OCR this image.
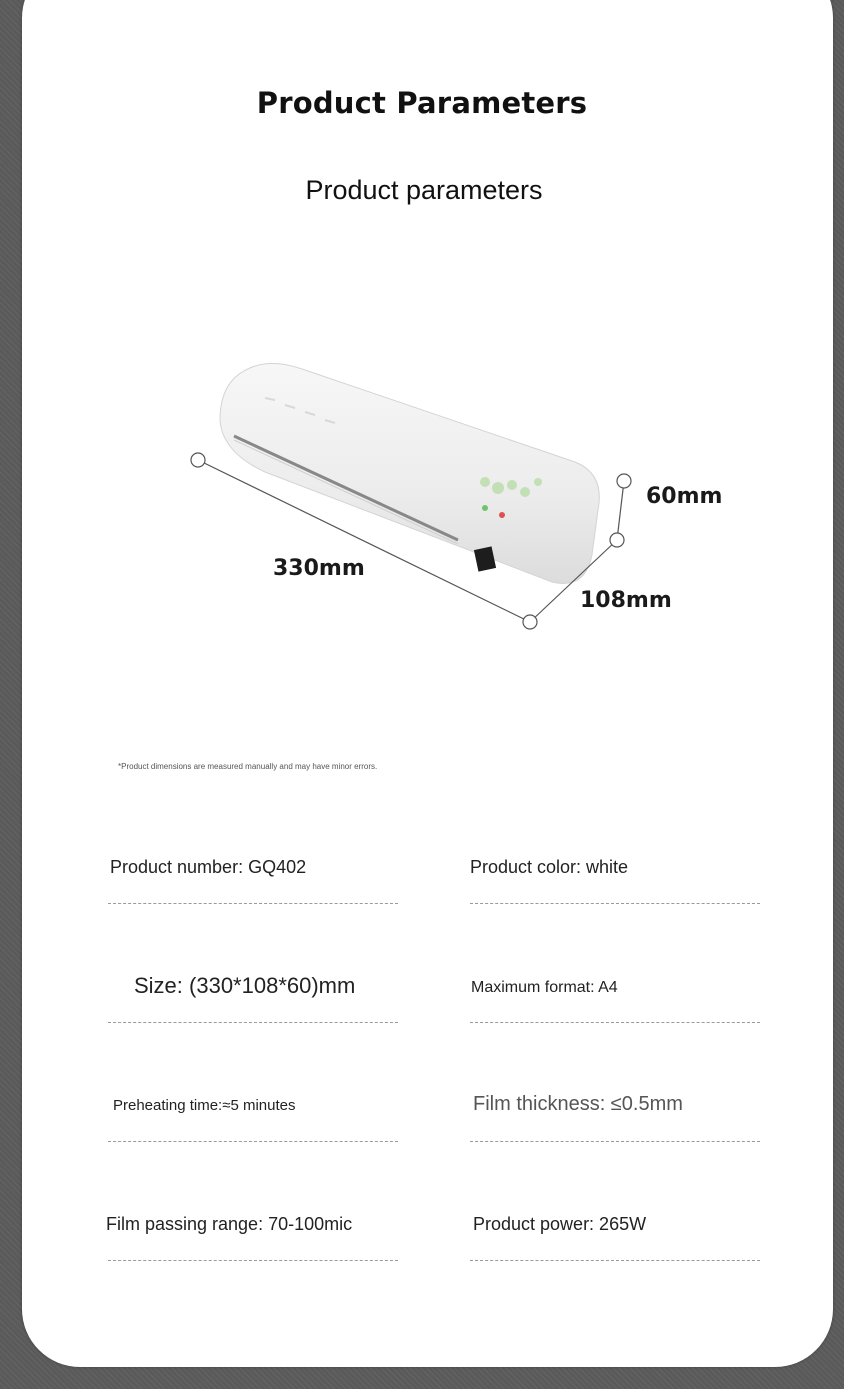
Product Parameters
Product parameters
330mm
108mm
60mm
*Product dimensions are measured manually and may have minor errors.
Product number: GQ402	Product color: white
Size: (330*108*60)mm	Maximum format: A4
Preheating time:≈5 minutes	Film thickness: ≤0.5mm
Film passing range: 70-100mic	Product power: 265W
